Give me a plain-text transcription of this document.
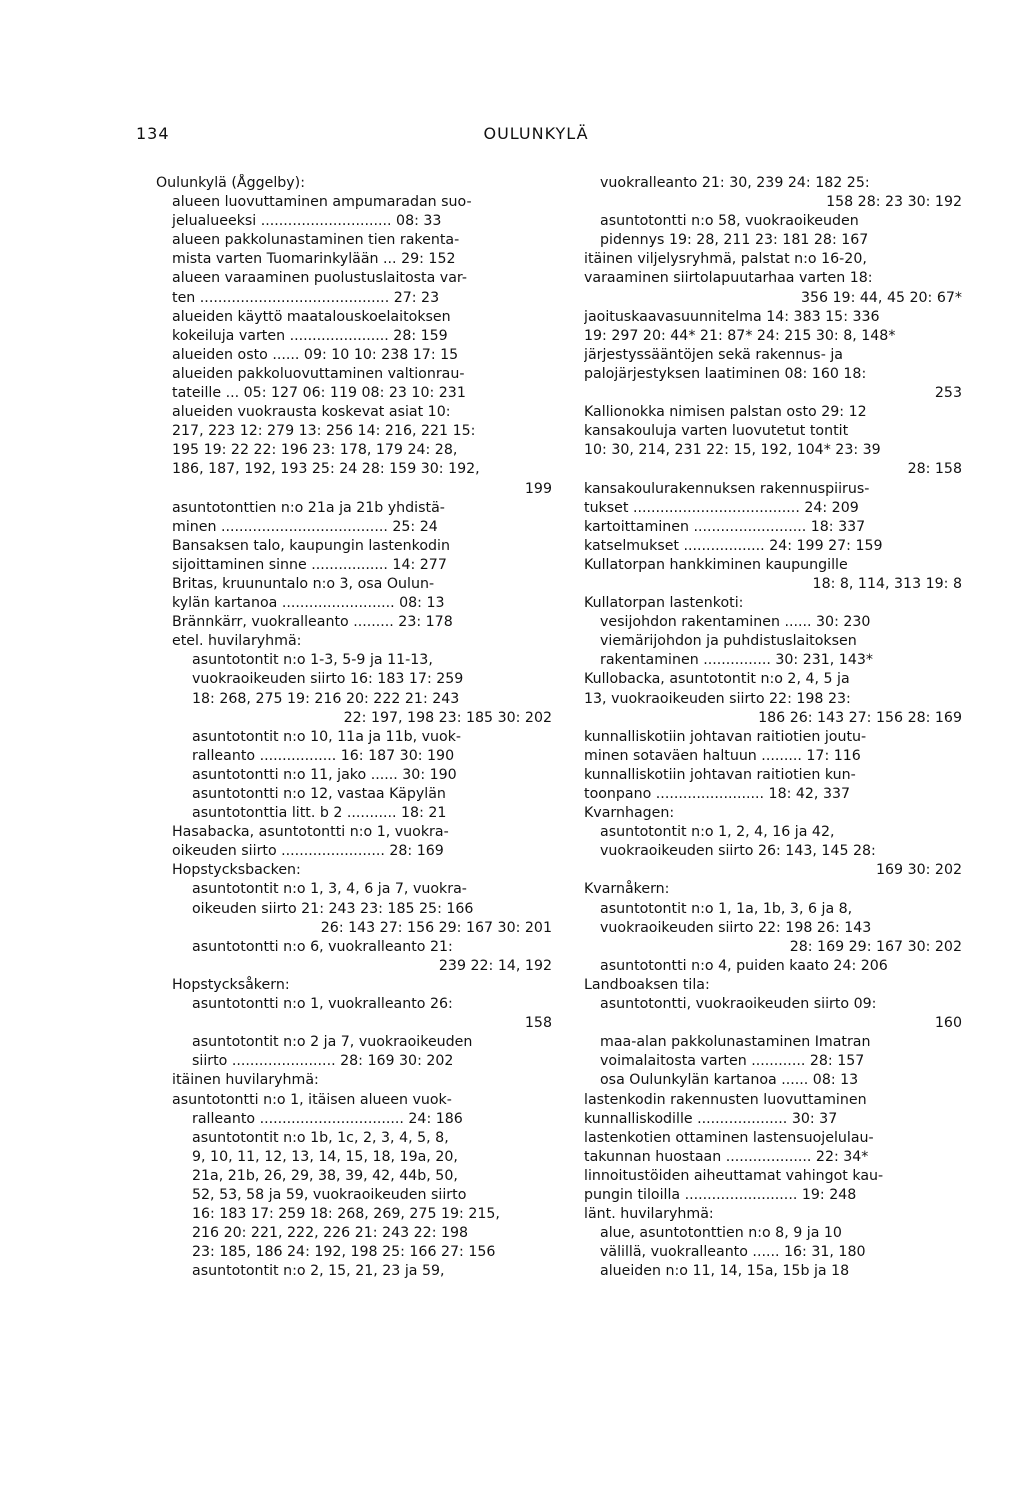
134	OULUNKYLÄ
Oulunkylä (Åggelby):
alueen luovuttaminen ampumaradan suo-
jelualueeksi ............................. 08: 33
alueen pakkolunastaminen tien rakenta-
mista varten Tuomarinkylään ... 29: 152
alueen varaaminen puolustuslaitosta var-
ten .......................................... 27: 23
alueiden käyttö maatalouskoelaitoksen
kokeiluja varten ...................... 28: 159
alueiden osto ...... 09: 10 10: 238 17: 15
alueiden pakkoluovuttaminen valtionrau-
tateille ... 05: 127 06: 119 08: 23 10: 231
alueiden vuokrausta koskevat asiat 10:
217, 223 12: 279 13: 256 14: 216, 221 15:
195 19: 22 22: 196 23: 178, 179 24: 28,
186, 187, 192, 193 25: 24 28: 159 30: 192,
199
asuntotonttien n:o 21a ja 21b yhdistä-
minen ..................................... 25: 24
Bansaksen talo, kaupungin lastenkodin
sijoittaminen sinne ................. 14: 277
Britas, kruununtalo n:o 3, osa Oulun-
kylän kartanoa ......................... 08: 13
Brännkärr, vuokralleanto ......... 23: 178
etel. huvilaryhmä:
asuntotontit n:o 1-3, 5-9 ja 11-13,
vuokraoikeuden siirto 16: 183 17: 259
18: 268, 275 19: 216 20: 222 21: 243
22: 197, 198 23: 185 30: 202
asuntotontit n:o 10, 11a ja 11b, vuok-
ralleanto ................. 16: 187 30: 190
asuntotontti n:o 11, jako ...... 30: 190
asuntotontti n:o 12, vastaa Käpylän
asuntotonttia litt. b 2 ........... 18: 21
Hasabacka, asuntotontti n:o 1, vuokra-
oikeuden siirto ....................... 28: 169
Hopstycksbacken:
asuntotontit n:o 1, 3, 4, 6 ja 7, vuokra-
oikeuden siirto 21: 243 23: 185 25: 166
26: 143 27: 156 29: 167 30: 201
asuntotontti n:o 6, vuokralleanto 21:
239 22: 14, 192
Hopstycksåkern:
asuntotontti n:o 1, vuokralleanto 26:
158
asuntotontit n:o 2 ja 7, vuokraoikeuden
siirto ....................... 28: 169 30: 202
itäinen huvilaryhmä:
asuntotontti n:o 1, itäisen alueen vuok-
ralleanto ................................ 24: 186
asuntotontit n:o 1b, 1c, 2, 3, 4, 5, 8,
9, 10, 11, 12, 13, 14, 15, 18, 19a, 20,
21a, 21b, 26, 29, 38, 39, 42, 44b, 50,
52, 53, 58 ja 59, vuokraoikeuden siirto
16: 183 17: 259 18: 268, 269, 275 19: 215,
216 20: 221, 222, 226 21: 243 22: 198
23: 185, 186 24: 192, 198 25: 166 27: 156
asuntotontit n:o 2, 15, 21, 23 ja 59,
vuokralleanto 21: 30, 239 24: 182 25:
158 28: 23 30: 192
asuntotontti n:o 58, vuokraoikeuden
pidennys 19: 28, 211 23: 181 28: 167
itäinen viljelysryhmä, palstat n:o 16-20,
varaaminen siirtolapuutarhaa varten 18:
356 19: 44, 45 20: 67*
jaoituskaavasuunnitelma 14: 383 15: 336
19: 297 20: 44* 21: 87* 24: 215 30: 8, 148*
järjestyssääntöjen sekä rakennus- ja
palojärjestyksen laatiminen 08: 160 18:
253
Kallionokka nimisen palstan osto 29: 12
kansakouluja varten luovutetut tontit
10: 30, 214, 231 22: 15, 192, 104* 23: 39
28: 158
kansakoulurakennuksen rakennuspiirus-
tukset ..................................... 24: 209
kartoittaminen ......................... 18: 337
katselmukset .................. 24: 199 27: 159
Kullatorpan hankkiminen kaupungille
18: 8, 114, 313 19: 8
Kullatorpan lastenkoti:
vesijohdon rakentaminen ...... 30: 230
viemärijohdon ja puhdistuslaitoksen
rakentaminen ............... 30: 231, 143*
Kullobacka, asuntotontit n:o 2, 4, 5 ja
13, vuokraoikeuden siirto 22: 198 23:
186 26: 143 27: 156 28: 169
kunnalliskotiin johtavan raitiotien joutu-
minen sotaväen haltuun ......... 17: 116
kunnalliskotiin johtavan raitiotien kun-
toonpano ........................ 18: 42, 337
Kvarnhagen:
asuntotontit n:o 1, 2, 4, 16 ja 42,
vuokraoikeuden siirto 26: 143, 145 28:
169 30: 202
Kvarnåkern:
asuntotontit n:o 1, 1a, 1b, 3, 6 ja 8,
vuokraoikeuden siirto 22: 198 26: 143
28: 169 29: 167 30: 202
asuntotontti n:o 4, puiden kaato 24: 206
Landboaksen tila:
asuntotontti, vuokraoikeuden siirto 09:
160
maa-alan pakkolunastaminen Imatran
voimalaitosta varten ............ 28: 157
osa Oulunkylän kartanoa ...... 08: 13
lastenkodin rakennusten luovuttaminen
kunnalliskodille .................... 30: 37
lastenkotien ottaminen lastensuojelulau-
takunnan huostaan ................... 22: 34*
linnoitustöiden aiheuttamat vahingot kau-
pungin tiloilla ......................... 19: 248
länt. huvilaryhmä:
alue, asuntotonttien n:o 8, 9 ja 10
välillä, vuokralleanto ...... 16: 31, 180
alueiden n:o 11, 14, 15a, 15b ja 18
